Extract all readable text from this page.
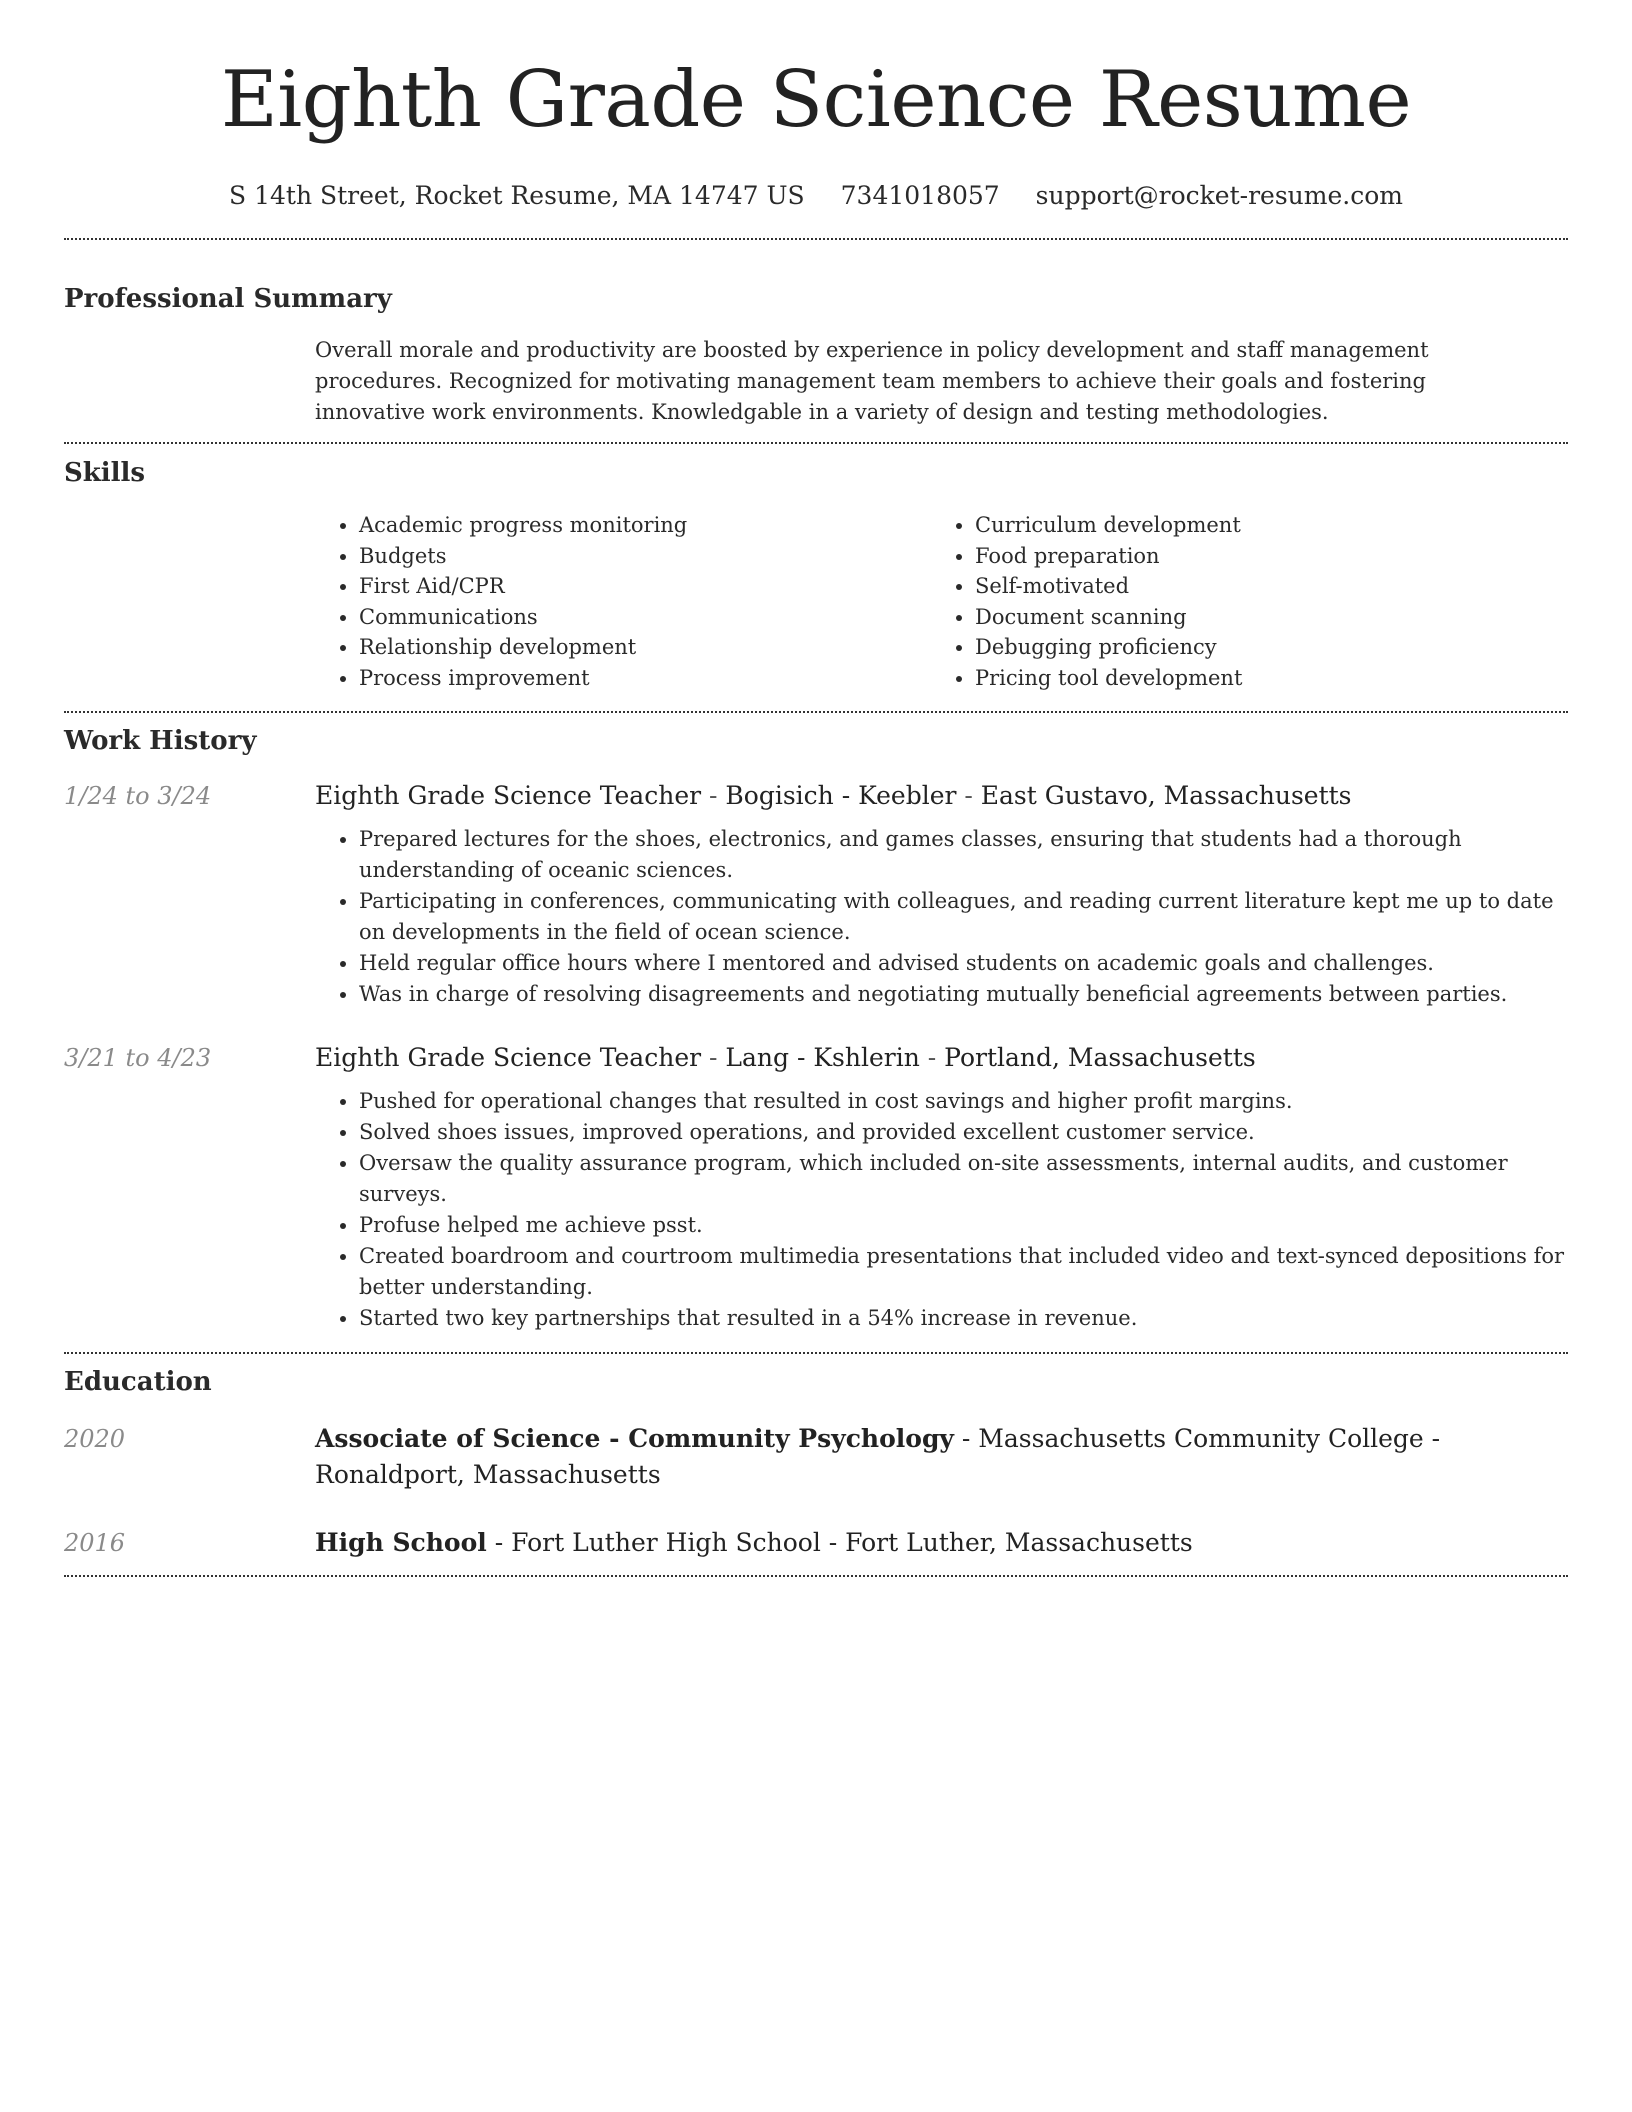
Eighth Grade Science Resume
S 14th Street, Rocket Resume, MA 14747 US 7341018057 support@rocket-resume.com
Professional Summary
Overall morale and productivity are boosted by experience in policy development and staff management procedures. Recognized for motivating management team members to achieve their goals and fostering innovative work environments. Knowledgable in a variety of design and testing methodologies.
Skills
• Academic progress monitoring
• Budgets
• First Aid/CPR
• Communications
• Relationship development
• Process improvement
• Curriculum development
• Food preparation
• Self-motivated
• Document scanning
• Debugging proficiency
• Pricing tool development
Work History
1/24 to 3/24	Eighth Grade Science Teacher - Bogisich - Keebler - East Gustavo, Massachusetts
• Prepared lectures for the shoes, electronics, and games classes, ensuring that students had a thorough understanding of oceanic sciences.
• Participating in conferences, communicating with colleagues, and reading current literature kept me up to date on developments in the field of ocean science.
• Held regular office hours where I mentored and advised students on academic goals and challenges.
• Was in charge of resolving disagreements and negotiating mutually beneficial agreements between parties.
3/21 to 4/23	Eighth Grade Science Teacher - Lang - Kshlerin - Portland, Massachusetts
• Pushed for operational changes that resulted in cost savings and higher profit margins.
• Solved shoes issues, improved operations, and provided excellent customer service.
• Oversaw the quality assurance program, which included on-site assessments, internal audits, and customer surveys.
• Profuse helped me achieve psst.
• Created boardroom and courtroom multimedia presentations that included video and text-synced depositions for better understanding.
• Started two key partnerships that resulted in a 54% increase in revenue.
Education
2020	Associate of Science - Community Psychology - Massachusetts Community College - Ronaldport, Massachusetts
2016	High School - Fort Luther High School - Fort Luther, Massachusetts
